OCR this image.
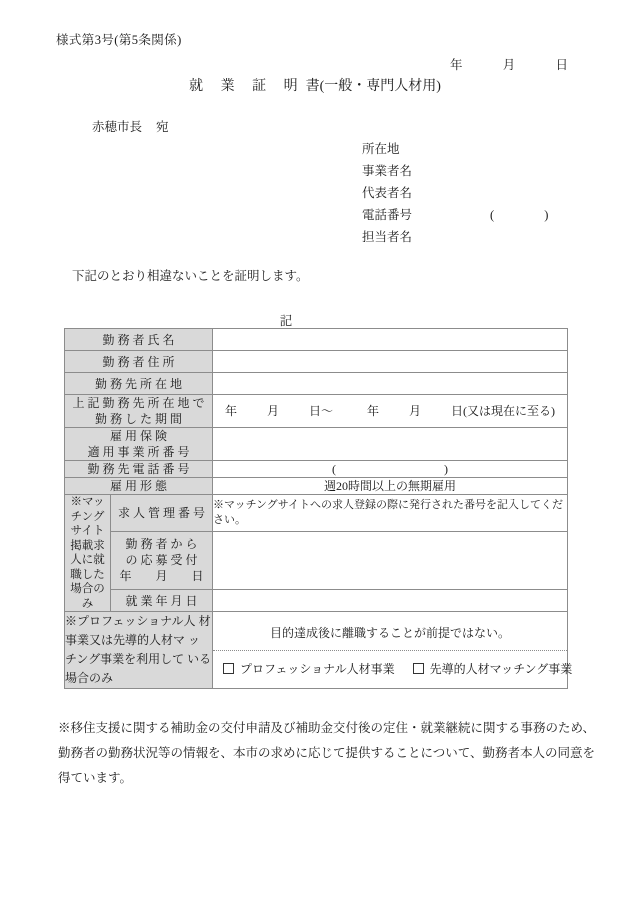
様式第3号(第5条関係)
年	月	日
就 業 証 明書(一般・専門人材用)
赤穂市長 宛
所在地
事業者名
代表者名
電話番号	(	)
担当者名
下記のとおり相違ないことを証明します。
記
勤 務 者 氏 名		
勤 務 者 住 所		
勤 務 先 所 在 地		

上 記 勤 務 先 所 在 地 で
勤 務 し た 期 間		年 月 日～ 年 月 日(又は現在に至る)

雇 用 保 険
適 用 事 業 所 番 号		

勤 務 先 電 話 番 号		( )
雇 用 形 態		週20時間以上の無期雇用
※マッチングサイト掲載求人に就職した場合のみ	求 人 管 理 番 号	※マッチングサイトへの求人登録の際に発行された番号を記入してください。

	勤 務 者 か ら
の 応 募 受 付
年　　月　　日	

	就 業 年 月 日	
※プロフェッショナル人 材事業又は先導的人材マ ッチング事業を利用して いる場合のみ		目的達成後に離職することが前提ではない。
プロフェッショナル人材事業 先導的人材マッチング事業
※移住支援に関する補助金の交付申請及び補助金交付後の定住・就業継続に関する事務のため、
勤務者の勤務状況等の情報を、本市の求めに応じて提供することについて、勤務者本人の同意を
得ています。
